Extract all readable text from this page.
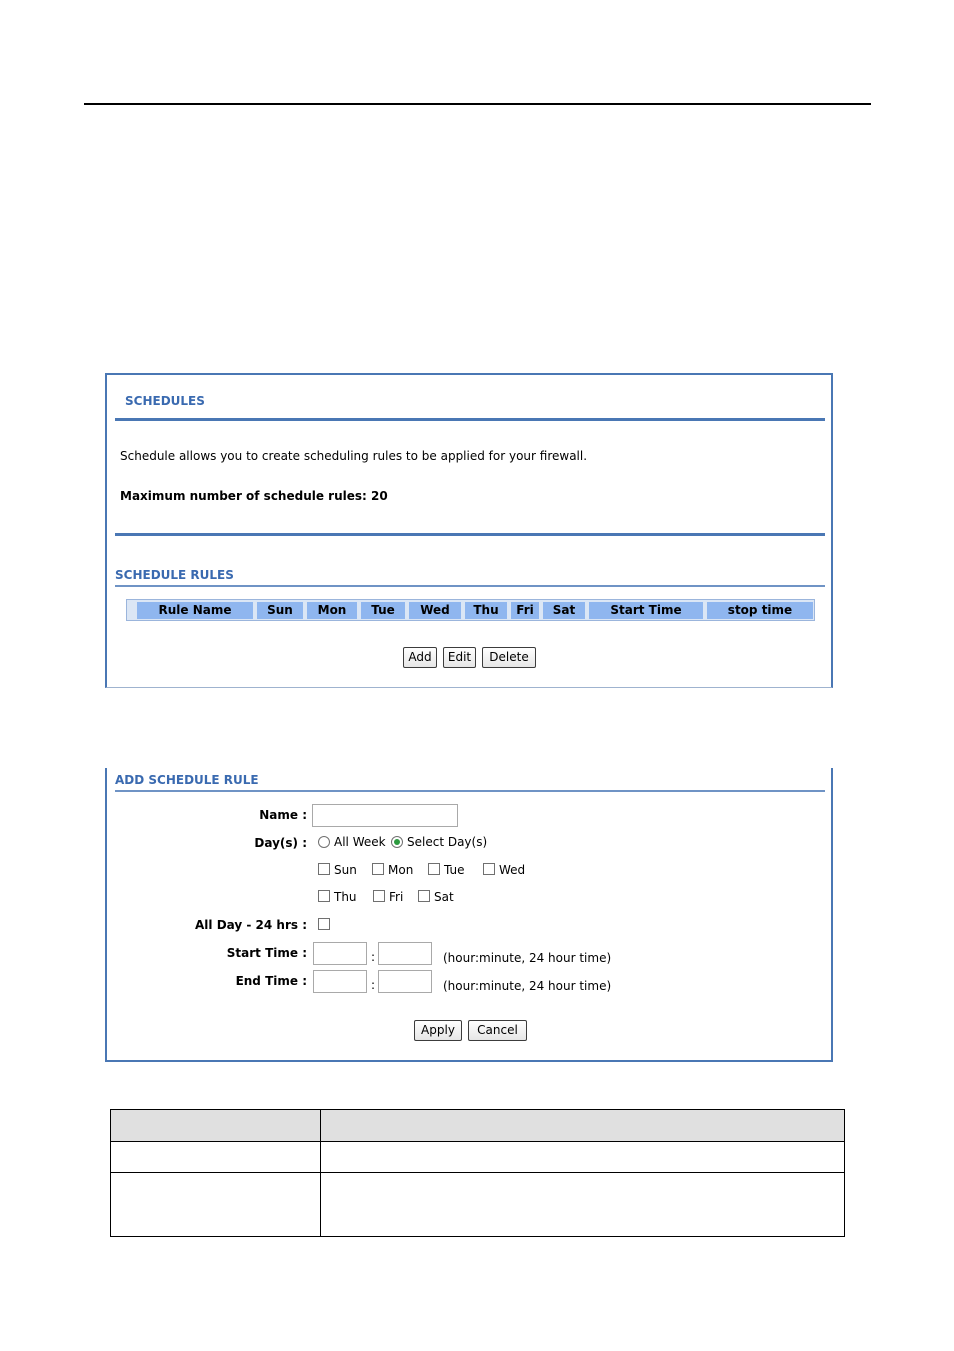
SCHEDULES
Schedule allows you to create scheduling rules to be applied for your firewall.
Maximum number of schedule rules: 20
SCHEDULE RULES
Rule Name	Sun	Mon	Tue	Wed	Thu	Fri	Sat	Start Time	stop time
Add	Edit	Delete
ADD SCHEDULE RULE
Name :
Day(s) : All Week Select Day(s)
Sun	Mon	Tue	Wed
Thu	Fri	Sat
All Day - 24 hrs :
Start Time :	:	(hour:minute, 24 hour time)
End Time :	:	(hour:minute, 24 hour time)
Apply	Cancel
